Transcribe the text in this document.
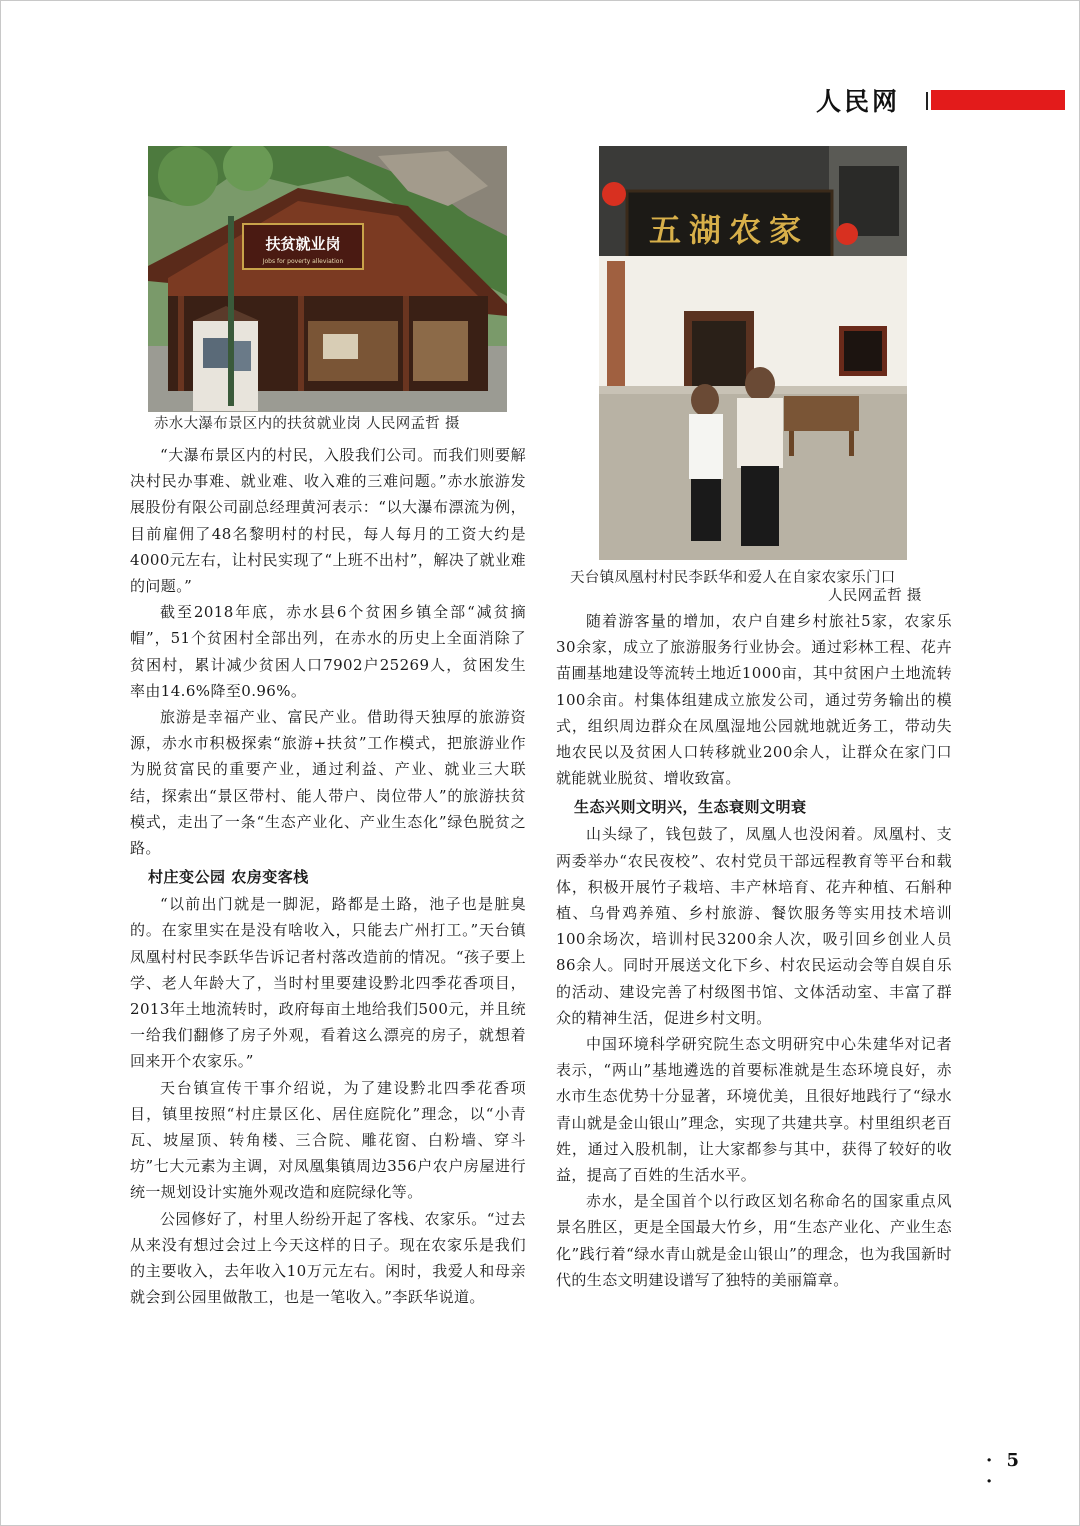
人民网
扶贫就业岗
Jobs for poverty alleviation
赤水大瀑布景区内的扶贫就业岗 人民网孟哲 摄
五湖农家
天台镇凤凰村村民李跃华和爱人在自家农家乐门口
人民网孟哲 摄

“大瀑布景区内的村民，入股我们公司。而我们则要解决村民办事难、就业难、收入难的三难问题。”赤水旅游发展股份有限公司副总经理黄河表示：“以大瀑布漂流为例，目前雇佣了48名黎明村的村民，每人每月的工资大约是4000元左右，让村民实现了“上班不出村”，解决了就业难的问题。”

截至2018年底，赤水县6个贫困乡镇全部“减贫摘帽”，51个贫困村全部出列，在赤水的历史上全面消除了贫困村，累计减少贫困人口7902户25269人，贫困发生率由14.6%降至0.96%。

旅游是幸福产业、富民产业。借助得天独厚的旅游资源，赤水市积极探索“旅游+扶贫”工作模式，把旅游业作为脱贫富民的重要产业，通过利益、产业、就业三大联结，探索出“景区带村、能人带户、岗位带人”的旅游扶贫模式，走出了一条“生态产业化、产业生态化”绿色脱贫之路。

村庄变公园 农房变客栈

“以前出门就是一脚泥，路都是土路，池子也是脏臭的。在家里实在是没有啥收入，只能去广州打工。”天台镇凤凰村村民李跃华告诉记者村落改造前的情况。“孩子要上学、老人年龄大了，当时村里要建设黔北四季花香项目，2013年土地流转时，政府每亩土地给我们500元，并且统一给我们翻修了房子外观，看着这么漂亮的房子，就想着回来开个农家乐。”

天台镇宣传干事介绍说，为了建设黔北四季花香项目，镇里按照“村庄景区化、居住庭院化”理念，以“小青瓦、坡屋顶、转角楼、三合院、雕花窗、白粉墙、穿斗坊”七大元素为主调，对凤凰集镇周边356户农户房屋进行统一规划设计实施外观改造和庭院绿化等。

公园修好了，村里人纷纷开起了客栈、农家乐。“过去从来没有想过会过上今天这样的日子。现在农家乐是我们的主要收入，去年收入10万元左右。闲时，我爱人和母亲就会到公园里做散工，也是一笔收入。”李跃华说道。

随着游客量的增加，农户自建乡村旅社5家，农家乐30余家，成立了旅游服务行业协会。通过彩林工程、花卉苗圃基地建设等流转土地近1000亩，其中贫困户土地流转100余亩。村集体组建成立旅发公司，通过劳务输出的模式，组织周边群众在凤凰湿地公园就地就近务工，带动失地农民以及贫困人口转移就业200余人，让群众在家门口就能就业脱贫、增收致富。

生态兴则文明兴，生态衰则文明衰

山头绿了，钱包鼓了，凤凰人也没闲着。凤凰村、支两委举办“农民夜校”、农村党员干部远程教育等平台和载体，积极开展竹子栽培、丰产林培育、花卉种植、石斛种植、乌骨鸡养殖、乡村旅游、餐饮服务等实用技术培训100余场次，培训村民3200余人次，吸引回乡创业人员86余人。同时开展送文化下乡、村农民运动会等自娱自乐的活动、建设完善了村级图书馆、文体活动室、丰富了群众的精神生活，促进乡村文明。

中国环境科学研究院生态文明研究中心朱建华对记者表示，“两山”基地遴选的首要标准就是生态环境良好，赤水市生态优势十分显著，环境优美，且很好地践行了“绿水青山就是金山银山”理念，实现了共建共享。村里组织老百姓，通过入股机制，让大家都参与其中，获得了较好的收益，提高了百姓的生活水平。

赤水，是全国首个以行政区划名称命名的国家重点风景名胜区，更是全国最大竹乡，用“生态产业化、产业生态化”践行着“绿水青山就是金山银山”的理念，也为我国新时代的生态文明建设谱写了独特的美丽篇章。

· 5 ·
